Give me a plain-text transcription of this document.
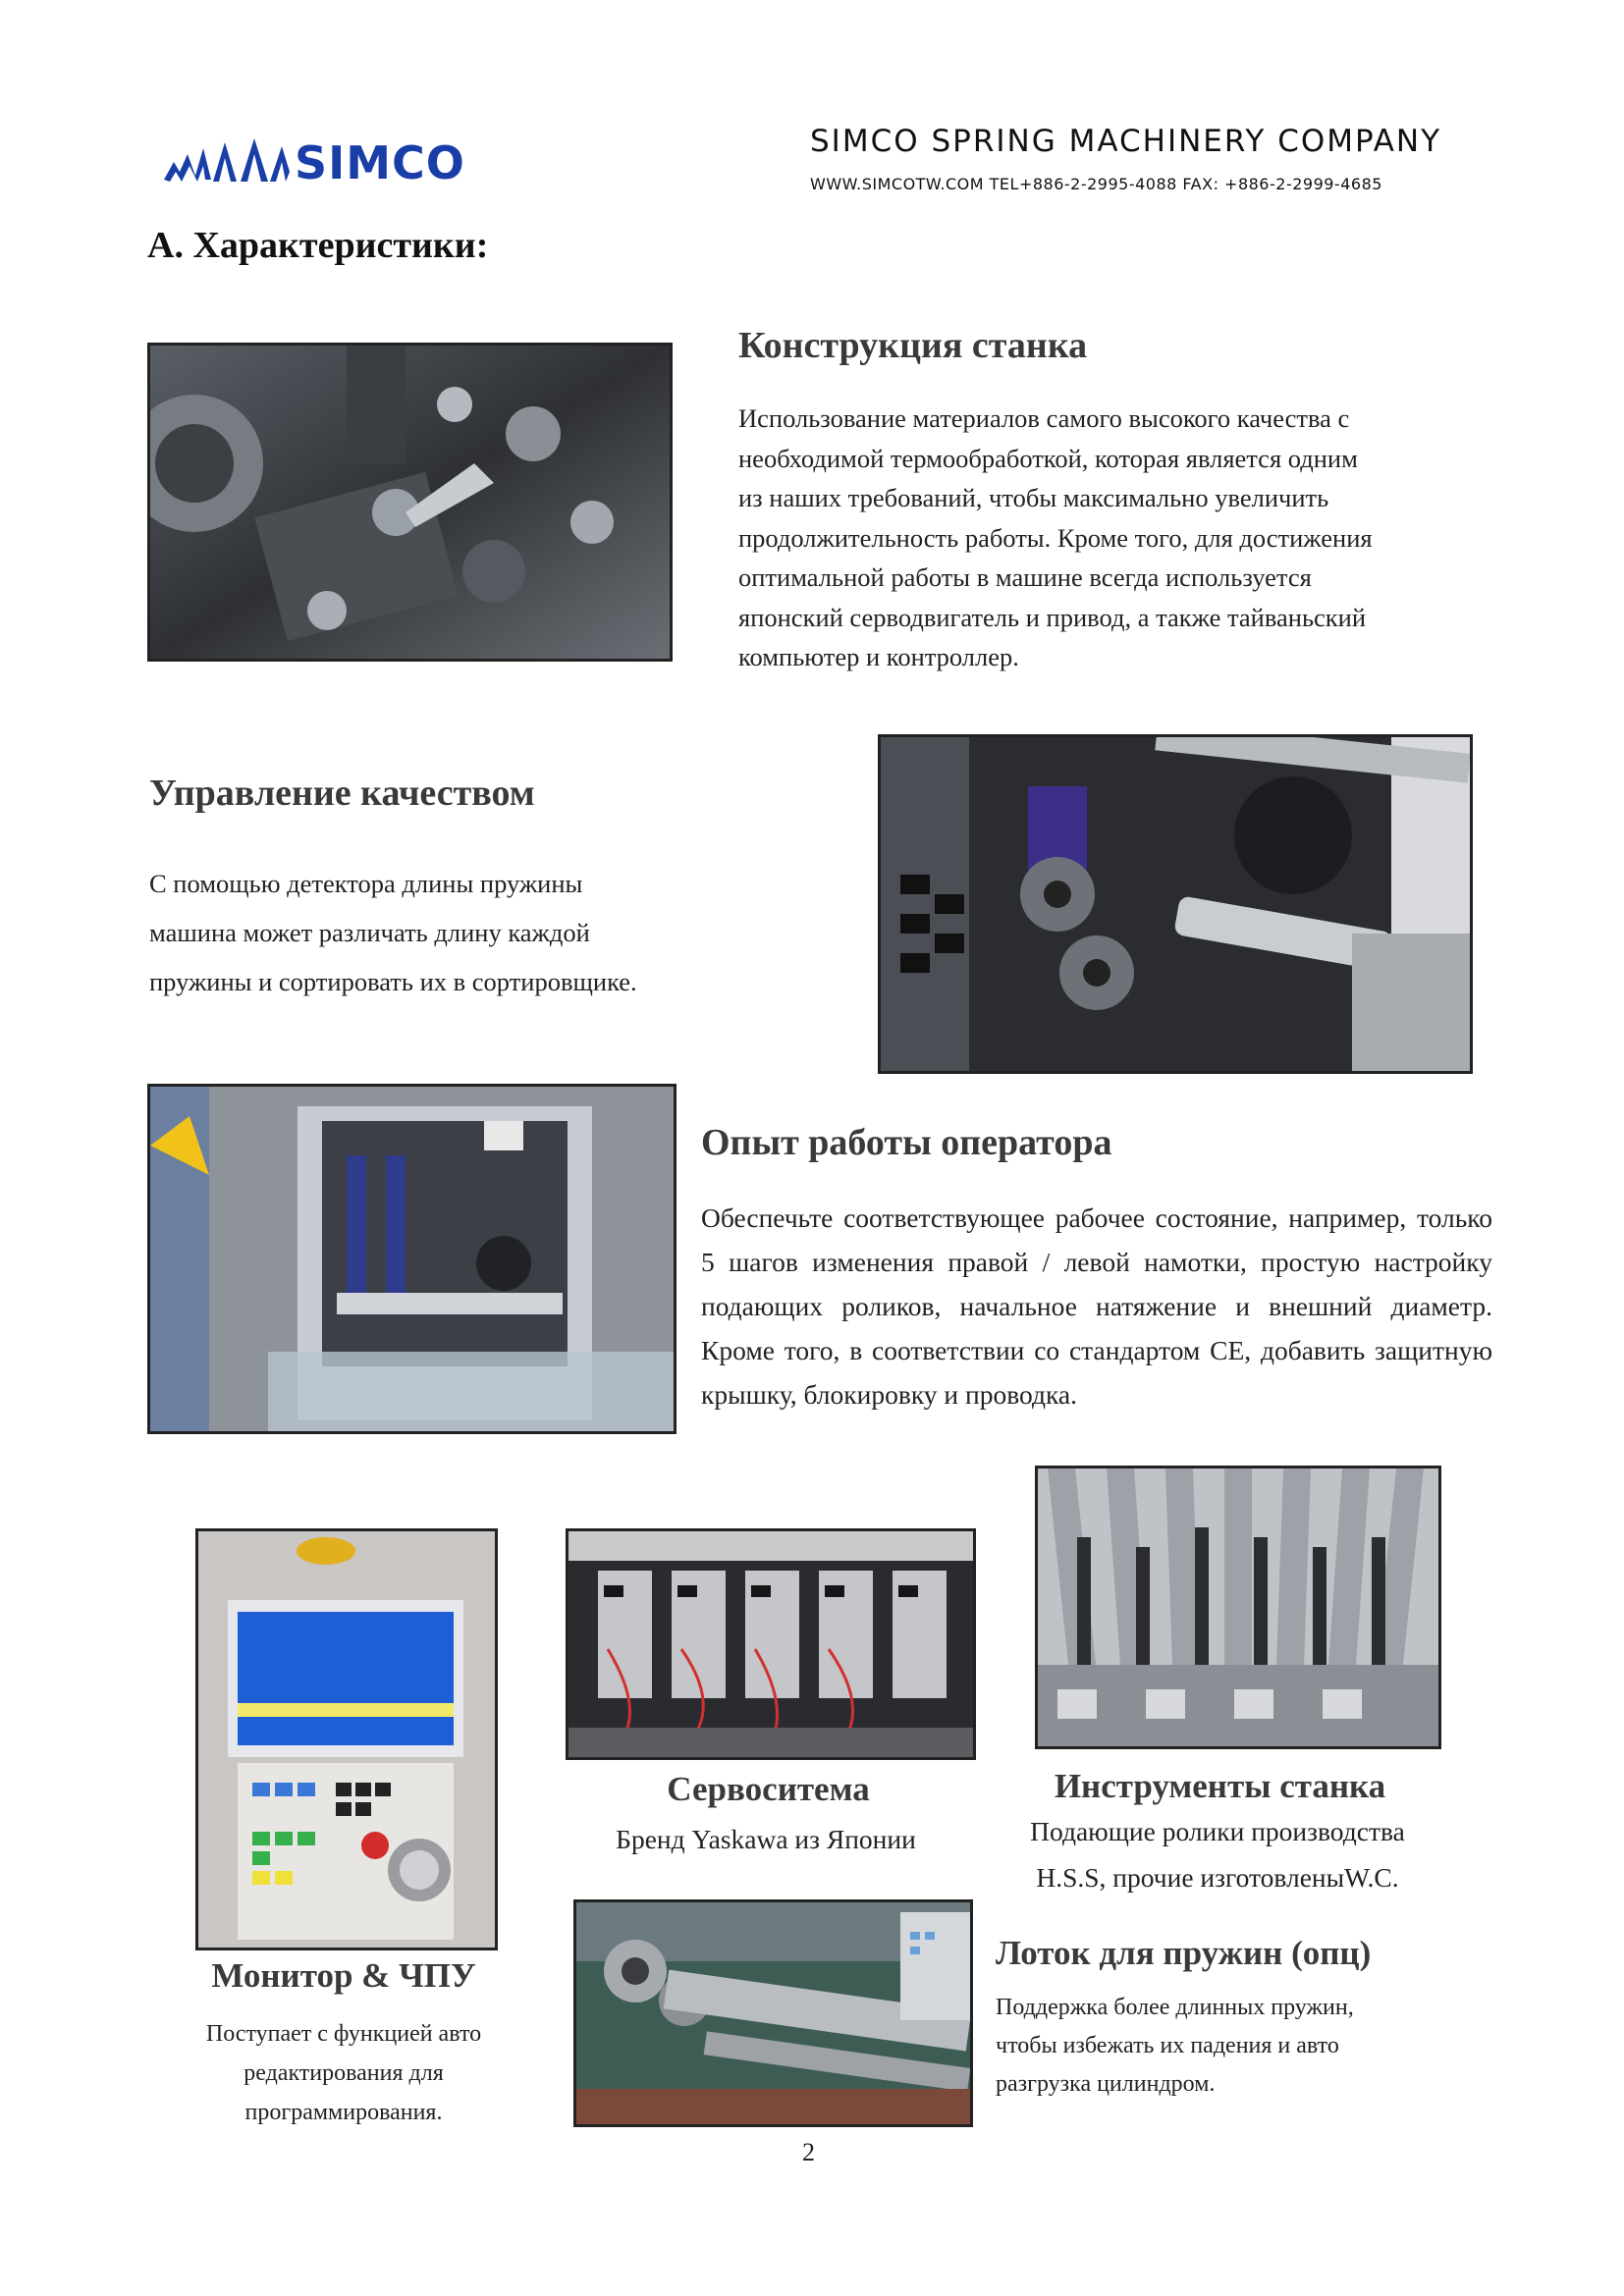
SIMCO	SIMCO SPRING MACHINERY COMPANY
WWW.SIMCOTW.COM TEL+886-2-2995-4088 FAX: +886-2-2999-4685
A. Характеристики:
Конструкция станка

Использование материалов самого высокого качества с

необходимой термообработкой, которая является одним

из наших требований, чтобы максимально увеличить

продолжительность работы. Кроме того, для достижения

оптимальной работы в машине всегда используется

японский серводвигатель и привод, а также тайваньский

компьютер и контроллер.

Управление качеством

С помощью детектора длины пружины

машина может различать длину каждой

пружины и сортировать их в сортировщике.

Опыт работы оператора

Обеспечьте соответствующее рабочее состояние, например, только 5 шагов изменения правой / левой намотки, простую настройку подающих роликов, начальное натяжение и внешний диаметр. Кроме того, в соответствии со стандартом CE, добавить защитную крышку, блокировку и проводка.

Монитор & ЧПУ

Поступает с функцией авто

редактирования для

программирования.

Сервоситема

Бренд Yaskawa из Японии

Инструменты станка

Подающие ролики производства

H.S.S, прочие изготовленыW.C.

Лоток для пружин (опц)

Поддержка более длинных пружин,

чтобы избежать их падения и авто

разгрузка цилиндром.

2
